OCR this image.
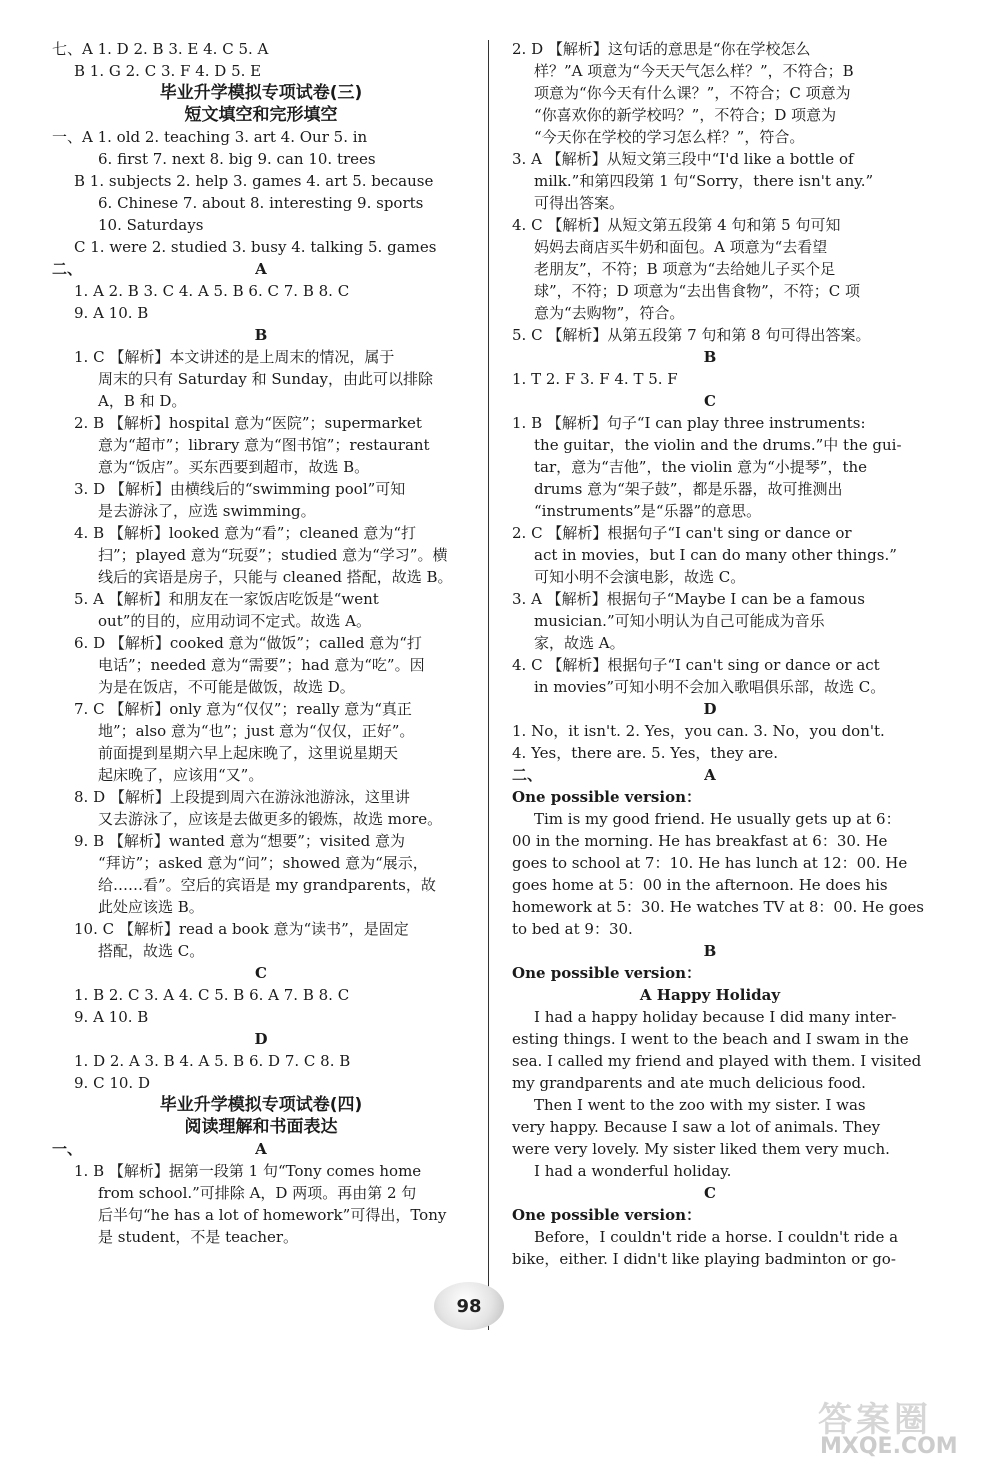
七、A 1. D 2. B 3. E 4. C 5. A
B 1. G 2. C 3. F 4. D 5. E
毕业升学模拟专项试卷(三)
短文填空和完形填空
一、A 1. old 2. teaching 3. art 4. Our 5. in
6. first 7. next 8. big 9. can 10. trees
B 1. subjects 2. help 3. games 4. art 5. because
6. Chinese 7. about 8. interesting 9. sports
10. Saturdays
C 1. were 2. studied 3. busy 4. talking 5. games
二、	A
1. A 2. B 3. C 4. A 5. B 6. C 7. B 8. C
9. A 10. B
B
1. C 【解析】本文讲述的是上周末的情况，属于
周末的只有 Saturday 和 Sunday，由此可以排除
A，B 和 D。
2. B 【解析】hospital 意为“医院”；supermarket
意为“超市”；library 意为“图书馆”；restaurant
意为“饭店”。买东西要到超市，故选 B。
3. D 【解析】由横线后的“swimming pool”可知
是去游泳了，应选 swimming。
4. B 【解析】looked 意为“看”；cleaned 意为“打
扫”；played 意为“玩耍”；studied 意为“学习”。横
线后的宾语是房子，只能与 cleaned 搭配，故选 B。
5. A 【解析】和朋友在一家饭店吃饭是“went
out”的目的，应用动词不定式。故选 A。
6. D 【解析】cooked 意为“做饭”；called 意为“打
电话”；needed 意为“需要”；had 意为“吃”。因
为是在饭店，不可能是做饭，故选 D。
7. C 【解析】only 意为“仅仅”；really 意为“真正
地”；also 意为“也”；just 意为“仅仅，正好”。
前面提到星期六早上起床晚了，这里说星期天
起床晚了，应该用“又”。
8. D 【解析】上段提到周六在游泳池游泳，这里讲
又去游泳了，应该是去做更多的锻炼，故选 more。
9. B 【解析】wanted 意为“想要”；visited 意为
“拜访”；asked 意为“问”；showed 意为“展示，
给……看”。空后的宾语是 my grandparents，故
此处应该选 B。
10. C 【解析】read a book 意为“读书”，是固定
搭配，故选 C。
C
1. B 2. C 3. A 4. C 5. B 6. A 7. B 8. C
9. A 10. B
D
1. D 2. A 3. B 4. A 5. B 6. D 7. C 8. B
9. C 10. D
毕业升学模拟专项试卷(四)
阅读理解和书面表达
一、	A
1. B 【解析】据第一段第 1 句“Tony comes home
from school.”可排除 A，D 两项。再由第 2 句
后半句“he has a lot of homework”可得出，Tony
是 student，不是 teacher。
2. D 【解析】这句话的意思是“你在学校怎么
样？”A 项意为“今天天气怎么样？”，不符合；B
项意为“你今天有什么课？”，不符合；C 项意为
“你喜欢你的新学校吗？”，不符合；D 项意为
“今天你在学校的学习怎么样？”，符合。
3. A 【解析】从短文第三段中“I'd like a bottle of
milk.”和第四段第 1 句“Sorry，there isn't any.”
可得出答案。
4. C 【解析】从短文第五段第 4 句和第 5 句可知
妈妈去商店买牛奶和面包。A 项意为“去看望
老朋友”，不符；B 项意为“去给她儿子买个足
球”，不符；D 项意为“去出售食物”，不符；C 项
意为“去购物”，符合。
5. C 【解析】从第五段第 7 句和第 8 句可得出答案。
B
1. T 2. F 3. F 4. T 5. F
C
1. B 【解析】句子“I can play three instruments:
the guitar，the violin and the drums.”中 the gui-
tar，意为“吉他”，the violin 意为“小提琴”，the
drums 意为“架子鼓”，都是乐器，故可推测出
“instruments”是“乐器”的意思。
2. C 【解析】根据句子“I can't sing or dance or
act in movies，but I can do many other things.”
可知小明不会演电影，故选 C。
3. A 【解析】根据句子“Maybe I can be a famous
musician.”可知小明认为自己可能成为音乐
家，故选 A。
4. C 【解析】根据句子“I can't sing or dance or act
in movies”可知小明不会加入歌唱俱乐部，故选 C。
D
1. No，it isn't. 2. Yes，you can. 3. No，you don't.
4. Yes，there are. 5. Yes，they are.
二、	A
One possible version：
Tim is my good friend. He usually gets up at 6：
00 in the morning. He has breakfast at 6：30. He
goes to school at 7：10. He has lunch at 12：00. He
goes home at 5：00 in the afternoon. He does his
homework at 5：30. He watches TV at 8：00. He goes
to bed at 9：30.
B
One possible version：
A Happy Holiday
I had a happy holiday because I did many inter-
esting things. I went to the beach and I swam in the
sea. I called my friend and played with them. I visited
my grandparents and ate much delicious food.
Then I went to the zoo with my sister. I was
very happy. Because I saw a lot of animals. They
were very lovely. My sister liked them very much.
I had a wonderful holiday.
C
One possible version：
Before，I couldn't ride a horse. I couldn't ride a
bike，either. I didn't like playing badminton or go-
98
答案圈
MXQE.COM
